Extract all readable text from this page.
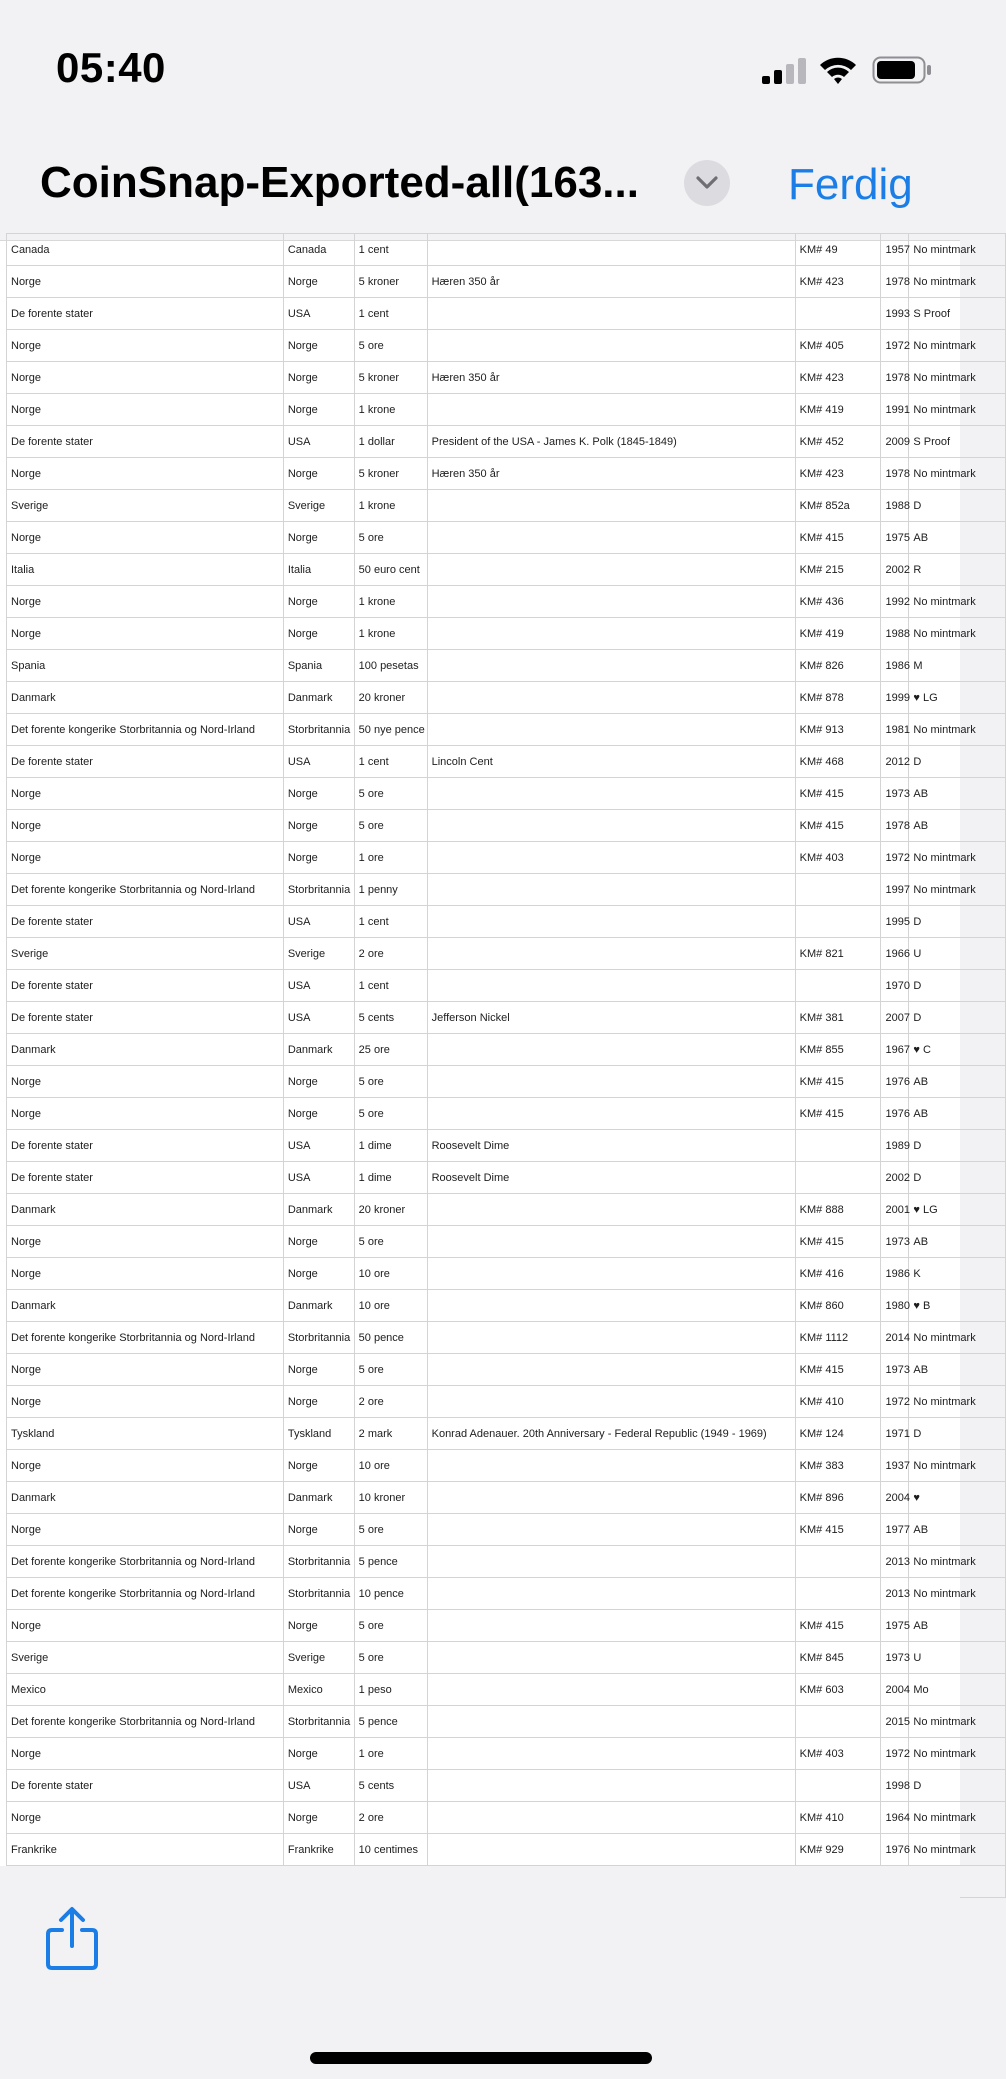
05:40
CoinSnap-Exported-all(163...	Ferdig
Canada	Canada	1 cent		KM# 49	1957	No mintmark
Norge	Norge	5 kroner	Hæren 350 år	KM# 423	1978	No mintmark
De forente stater	USA	1 cent			1993	S Proof
Norge	Norge	5 ore		KM# 405	1972	No mintmark
Norge	Norge	5 kroner	Hæren 350 år	KM# 423	1978	No mintmark
Norge	Norge	1 krone		KM# 419	1991	No mintmark
De forente stater	USA	1 dollar	President of the USA - James K. Polk (1845-1849)	KM# 452	2009	S Proof
Norge	Norge	5 kroner	Hæren 350 år	KM# 423	1978	No mintmark
Sverige	Sverige	1 krone		KM# 852a	1988	D
Norge	Norge	5 ore		KM# 415	1975	AB
Italia	Italia	50 euro cent		KM# 215	2002	R
Norge	Norge	1 krone		KM# 436	1992	No mintmark
Norge	Norge	1 krone		KM# 419	1988	No mintmark
Spania	Spania	100 pesetas		KM# 826	1986	M
Danmark	Danmark	20 kroner		KM# 878	1999	♥ LG
Det forente kongerike Storbritannia og Nord-Irland	Storbritannia	50 nye pence		KM# 913	1981	No mintmark
De forente stater	USA	1 cent	Lincoln Cent	KM# 468	2012	D
Norge	Norge	5 ore		KM# 415	1973	AB
Norge	Norge	5 ore		KM# 415	1978	AB
Norge	Norge	1 ore		KM# 403	1972	No mintmark
Det forente kongerike Storbritannia og Nord-Irland	Storbritannia	1 penny			1997	No mintmark
De forente stater	USA	1 cent			1995	D
Sverige	Sverige	2 ore		KM# 821	1966	U
De forente stater	USA	1 cent			1970	D
De forente stater	USA	5 cents	Jefferson Nickel	KM# 381	2007	D
Danmark	Danmark	25 ore		KM# 855	1967	♥ C
Norge	Norge	5 ore		KM# 415	1976	AB
Norge	Norge	5 ore		KM# 415	1976	AB
De forente stater	USA	1 dime	Roosevelt Dime		1989	D
De forente stater	USA	1 dime	Roosevelt Dime		2002	D
Danmark	Danmark	20 kroner		KM# 888	2001	♥ LG
Norge	Norge	5 ore		KM# 415	1973	AB
Norge	Norge	10 ore		KM# 416	1986	K
Danmark	Danmark	10 ore		KM# 860	1980	♥ B
Det forente kongerike Storbritannia og Nord-Irland	Storbritannia	50 pence		KM# 1112	2014	No mintmark
Norge	Norge	5 ore		KM# 415	1973	AB
Norge	Norge	2 ore		KM# 410	1972	No mintmark
Tyskland	Tyskland	2 mark	Konrad Adenauer. 20th Anniversary - Federal Republic (1949 - 1969)	KM# 124	1971	D
Norge	Norge	10 ore		KM# 383	1937	No mintmark
Danmark	Danmark	10 kroner		KM# 896	2004	♥
Norge	Norge	5 ore		KM# 415	1977	AB
Det forente kongerike Storbritannia og Nord-Irland	Storbritannia	5 pence			2013	No mintmark
Det forente kongerike Storbritannia og Nord-Irland	Storbritannia	10 pence			2013	No mintmark
Norge	Norge	5 ore		KM# 415	1975	AB
Sverige	Sverige	5 ore		KM# 845	1973	U
Mexico	Mexico	1 peso		KM# 603	2004	Mo
Det forente kongerike Storbritannia og Nord-Irland	Storbritannia	5 pence			2015	No mintmark
Norge	Norge	1 ore		KM# 403	1972	No mintmark
De forente stater	USA	5 cents			1998	D
Norge	Norge	2 ore		KM# 410	1964	No mintmark
Frankrike	Frankrike	10 centimes		KM# 929	1976	No mintmark
